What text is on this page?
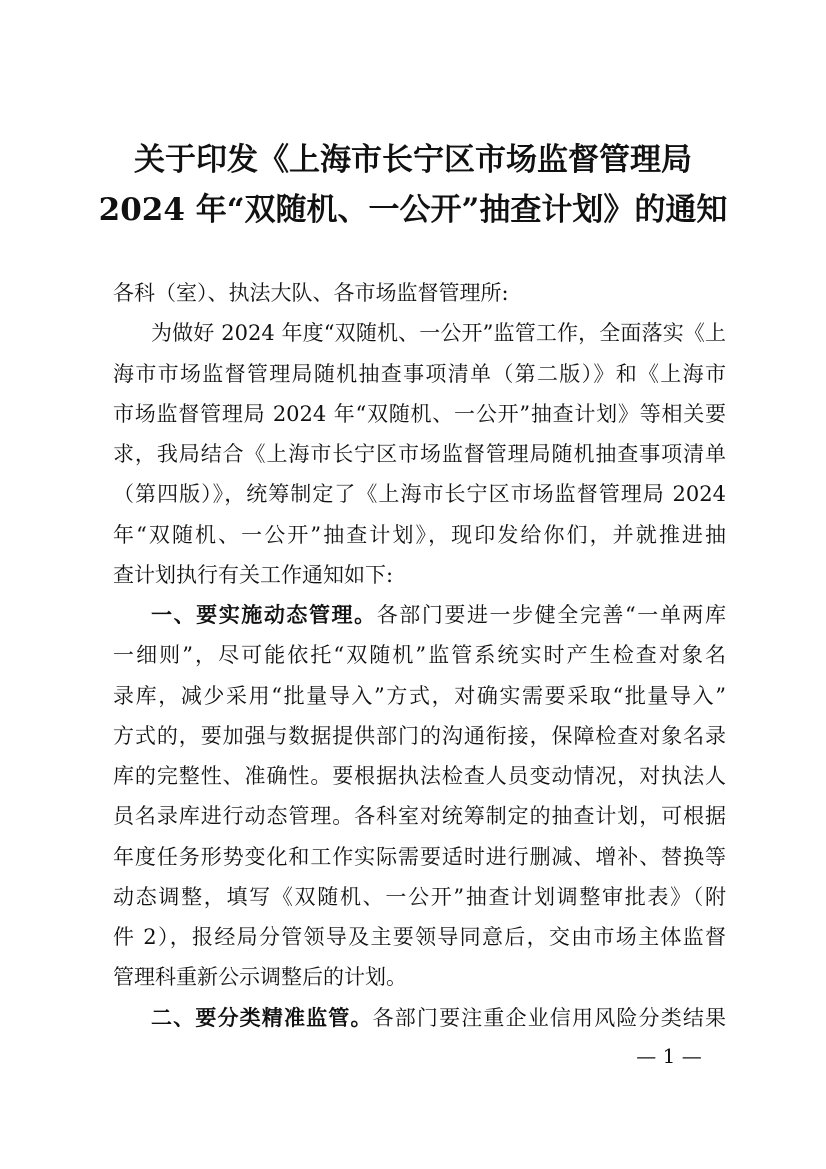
关于印发《上海市长宁区市场监督管理局
2024 年“双随机、一公开”抽查计划》的通知
各科（室）、执法大队、各市场监督管理所:
为做好 2024 年度“双随机、一公开”监管工作，全面落实《上
海市市场监督管理局随机抽查事项清单（第二版）》和《上海市
市场监督管理局 2024 年“双随机、一公开”抽查计划》等相关要
求，我局结合《上海市长宁区市场监督管理局随机抽查事项清单
（第四版）》，统筹制定了《上海市长宁区市场监督管理局 2024
年“双随机、一公开”抽查计划》，现印发给你们，并就推进抽
查计划执行有关工作通知如下:
一、要实施动态管理。各部门要进一步健全完善“一单两库
一细则”，尽可能依托“双随机”监管系统实时产生检查对象名
录库，减少采用“批量导入”方式，对确实需要采取“批量导入”
方式的，要加强与数据提供部门的沟通衔接，保障检查对象名录
库的完整性、准确性。要根据执法检查人员变动情况，对执法人
员名录库进行动态管理。各科室对统筹制定的抽查计划，可根据
年度任务形势变化和工作实际需要适时进行删减、增补、替换等
动态调整，填写《双随机、一公开”抽查计划调整审批表》（附
件 2），报经局分管领导及主要领导同意后，交由市场主体监督
管理科重新公示调整后的计划。
二、要分类精准监管。各部门要注重企业信用风险分类结果
— 1 —
